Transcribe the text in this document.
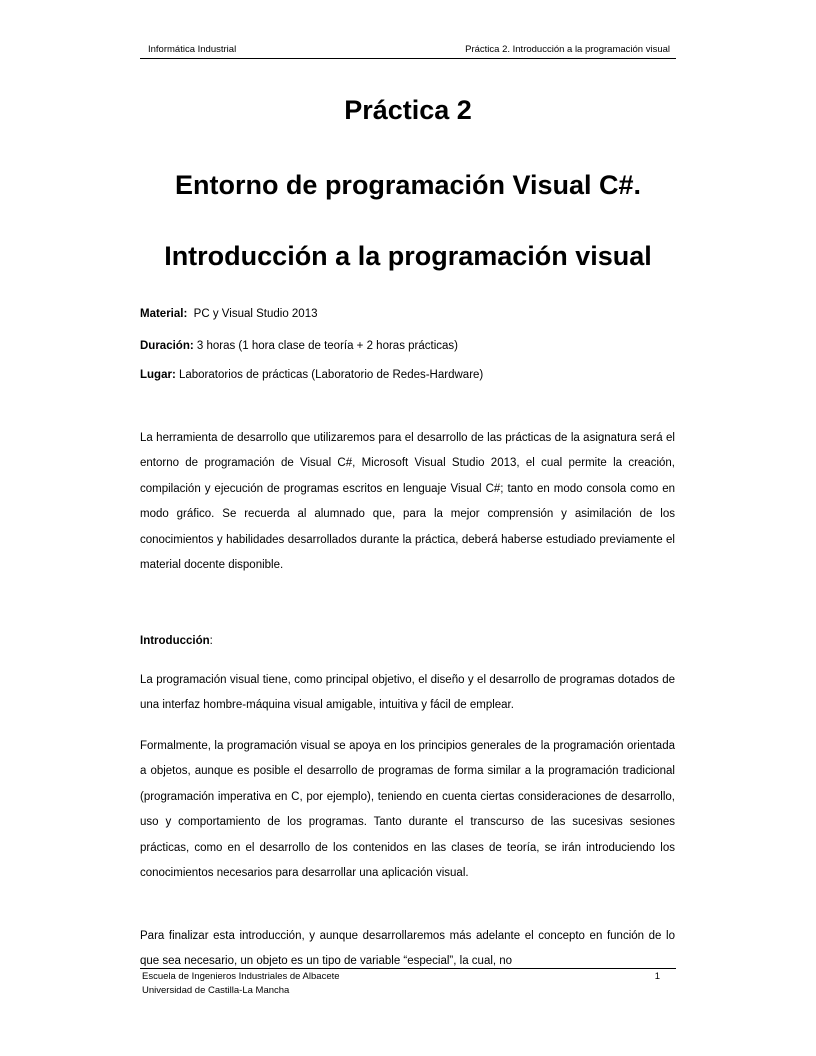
Informática Industrial	Práctica 2. Introducción a la programación visual
Práctica 2
Entorno de programación Visual C#.
Introducción a la programación visual
Material:  PC y Visual Studio 2013
Duración: 3 horas (1 hora clase de teoría + 2 horas prácticas)
Lugar: Laboratorios de prácticas (Laboratorio de Redes-Hardware)

La herramienta de desarrollo que utilizaremos para el desarrollo de las prácticas de la asignatura será el entorno de programación de Visual C#, Microsoft Visual Studio 2013, el cual permite la creación, compilación y ejecución de programas escritos en lenguaje Visual C#; tanto en modo consola como en modo gráfico. Se recuerda al alumnado que, para la mejor comprensión y asimilación de los conocimientos y habilidades desarrollados durante la práctica, deberá haberse estudiado previamente el material docente disponible.

Introducción:

La programación visual tiene, como principal objetivo, el diseño y el desarrollo de programas dotados de una interfaz hombre-máquina visual amigable, intuitiva y fácil de emplear.

Formalmente, la programación visual se apoya en los principios generales de la programación orientada a objetos, aunque es posible el desarrollo de programas de forma similar a la programación tradicional (programación imperativa en C, por ejemplo), teniendo en cuenta ciertas consideraciones de desarrollo, uso y comportamiento de los programas. Tanto durante el transcurso de las sucesivas sesiones prácticas, como en el desarrollo de los contenidos en las clases de teoría, se irán introduciendo los conocimientos necesarios para desarrollar una aplicación visual.

Para finalizar esta introducción, y aunque desarrollaremos más adelante el concepto en función de lo que sea necesario, un objeto es un tipo de variable “especial”, la cual, no

Escuela de Ingenieros Industriales de Albacete
Universidad de Castilla-La Mancha
1
